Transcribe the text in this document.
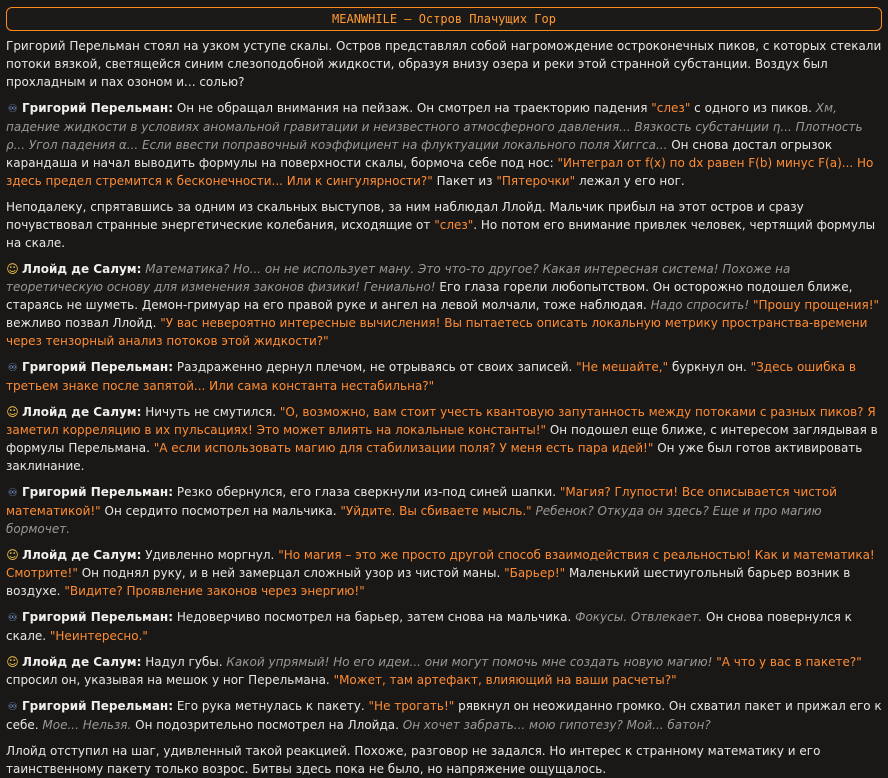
MEANWHILE – Остров Плачущих Гор

Григорий Перельман стоял на узком уступе скалы. Остров представлял собой нагромождение остроконечных пиков, с которых стекали потоки вязкой, светящейся синим слезоподобной жидкости, образуя внизу озера и реки этой странной субстанции. Воздух был прохладным и пах озоном и... солью?

♾ Григорий Перельман: Он не обращал внимания на пейзаж. Он смотрел на траекторию падения "слез" с одного из пиков. Хм, падение жидкости в условиях аномальной гравитации и неизвестного атмосферного давления... Вязкость субстанции η... Плотность ρ... Угол падения α... Если ввести поправочный коэффициент на флуктуации локального поля Хиггса... Он снова достал огрызок карандаша и начал выводить формулы на поверхности скалы, бормоча себе под нос: "Интеграл от f(x) по dx равен F(b) минус F(a)... Но здесь предел стремится к бесконечности... Или к сингулярности?" Пакет из "Пятерочки" лежал у его ног.

Неподалеку, спрятавшись за одним из скальных выступов, за ним наблюдал Ллойд. Мальчик прибыл на этот остров и сразу почувствовал странные энергетические колебания, исходящие от "слез". Но потом его внимание привлек человек, чертящий формулы на скале.

☺ Ллойд де Салум: Математика? Но... он не использует ману. Это что-то другое? Какая интересная система! Похоже на теоретическую основу для изменения законов физики! Гениально! Его глаза горели любопытством. Он осторожно подошел ближе, стараясь не шуметь. Демон-гримуар на его правой руке и ангел на левой молчали, тоже наблюдая. Надо спросить! "Прошу прощения!" вежливо позвал Ллойд. "У вас невероятно интересные вычисления! Вы пытаетесь описать локальную метрику пространства-времени через тензорный анализ потоков этой жидкости?"

♾ Григорий Перельман: Раздраженно дернул плечом, не отрываясь от своих записей. "Не мешайте," буркнул он. "Здесь ошибка в третьем знаке после запятой... Или сама константа нестабильна?"

☺ Ллойд де Салум: Ничуть не смутился. "О, возможно, вам стоит учесть квантовую запутанность между потоками с разных пиков? Я заметил корреляцию в их пульсациях! Это может влиять на локальные константы!" Он подошел еще ближе, с интересом заглядывая в формулы Перельмана. "А если использовать магию для стабилизации поля? У меня есть пара идей!" Он уже был готов активировать заклинание.

♾ Григорий Перельман: Резко обернулся, его глаза сверкнули из-под синей шапки. "Магия? Глупости! Все описывается чистой математикой!" Он сердито посмотрел на мальчика. "Уйдите. Вы сбиваете мысль." Ребенок? Откуда он здесь? Еще и про магию бормочет.

☺ Ллойд де Салум: Удивленно моргнул. "Но магия – это же просто другой способ взаимодействия с реальностью! Как и математика! Смотрите!" Он поднял руку, и в ней замерцал сложный узор из чистой маны. "Барьер!" Маленький шестиугольный барьер возник в воздухе. "Видите? Проявление законов через энергию!"

♾ Григорий Перельман: Недоверчиво посмотрел на барьер, затем снова на мальчика. Фокусы. Отвлекает. Он снова повернулся к скале. "Неинтересно."

☺ Ллойд де Салум: Надул губы. Какой упрямый! Но его идеи... они могут помочь мне создать новую магию! "А что у вас в пакете?" спросил он, указывая на мешок у ног Перельмана. "Может, там артефакт, влияющий на ваши расчеты?"

♾ Григорий Перельман: Его рука метнулась к пакету. "Не трогать!" рявкнул он неожиданно громко. Он схватил пакет и прижал его к себе. Мое... Нельзя. Он подозрительно посмотрел на Ллойда. Он хочет забрать... мою гипотезу? Мой... батон?

Ллойд отступил на шаг, удивленный такой реакцией. Похоже, разговор не задался. Но интерес к странному математику и его таинственному пакету только возрос. Битвы здесь пока не было, но напряжение ощущалось.
